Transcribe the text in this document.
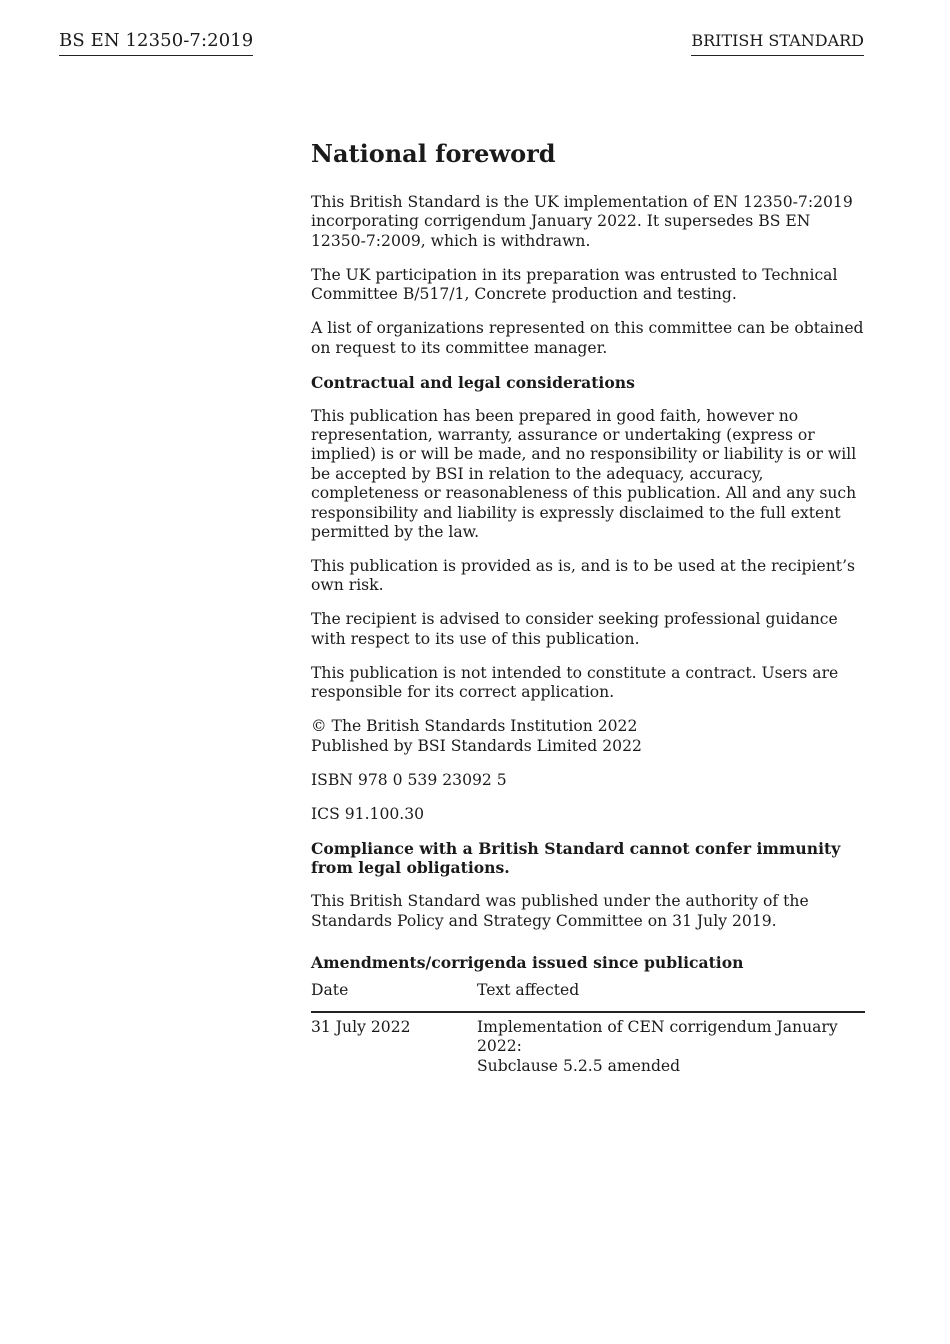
BS EN 12350-7:2019	BRITISH STANDARD
National foreword

This British Standard is the UK implementation of EN 12350-7:2019 incorporating corrigendum January 2022. It supersedes BS EN 12350-7:2009, which is withdrawn.

The UK participation in its preparation was entrusted to Technical Committee B/517/1, Concrete production and testing.

A list of organizations represented on this committee can be obtained on request to its committee manager.

Contractual and legal considerations

This publication has been prepared in good faith, however no representation, warranty, assurance or undertaking (express or implied) is or will be made, and no responsibility or liability is or will be accepted by BSI in relation to the adequacy, accuracy, completeness or reasonableness of this publication. All and any such responsibility and liability is expressly disclaimed to the full extent permitted by the law.

This publication is provided as is, and is to be used at the recipient’s own risk.

The recipient is advised to consider seeking professional guidance with respect to its use of this publication.

This publication is not intended to constitute a contract. Users are responsible for its correct application.

© The British Standards Institution 2022
Published by BSI Standards Limited 2022

ISBN 978 0 539 23092 5

ICS 91.100.30

Compliance with a British Standard cannot confer immunity from legal obligations.

This British Standard was published under the authority of the Standards Policy and Strategy Committee on 31 July 2019.

Amendments/corrigenda issued since publication
Date	Text affected
31 July 2022	Implementation of CEN corrigendum January 2022:
Subclause 5.2.5 amended
